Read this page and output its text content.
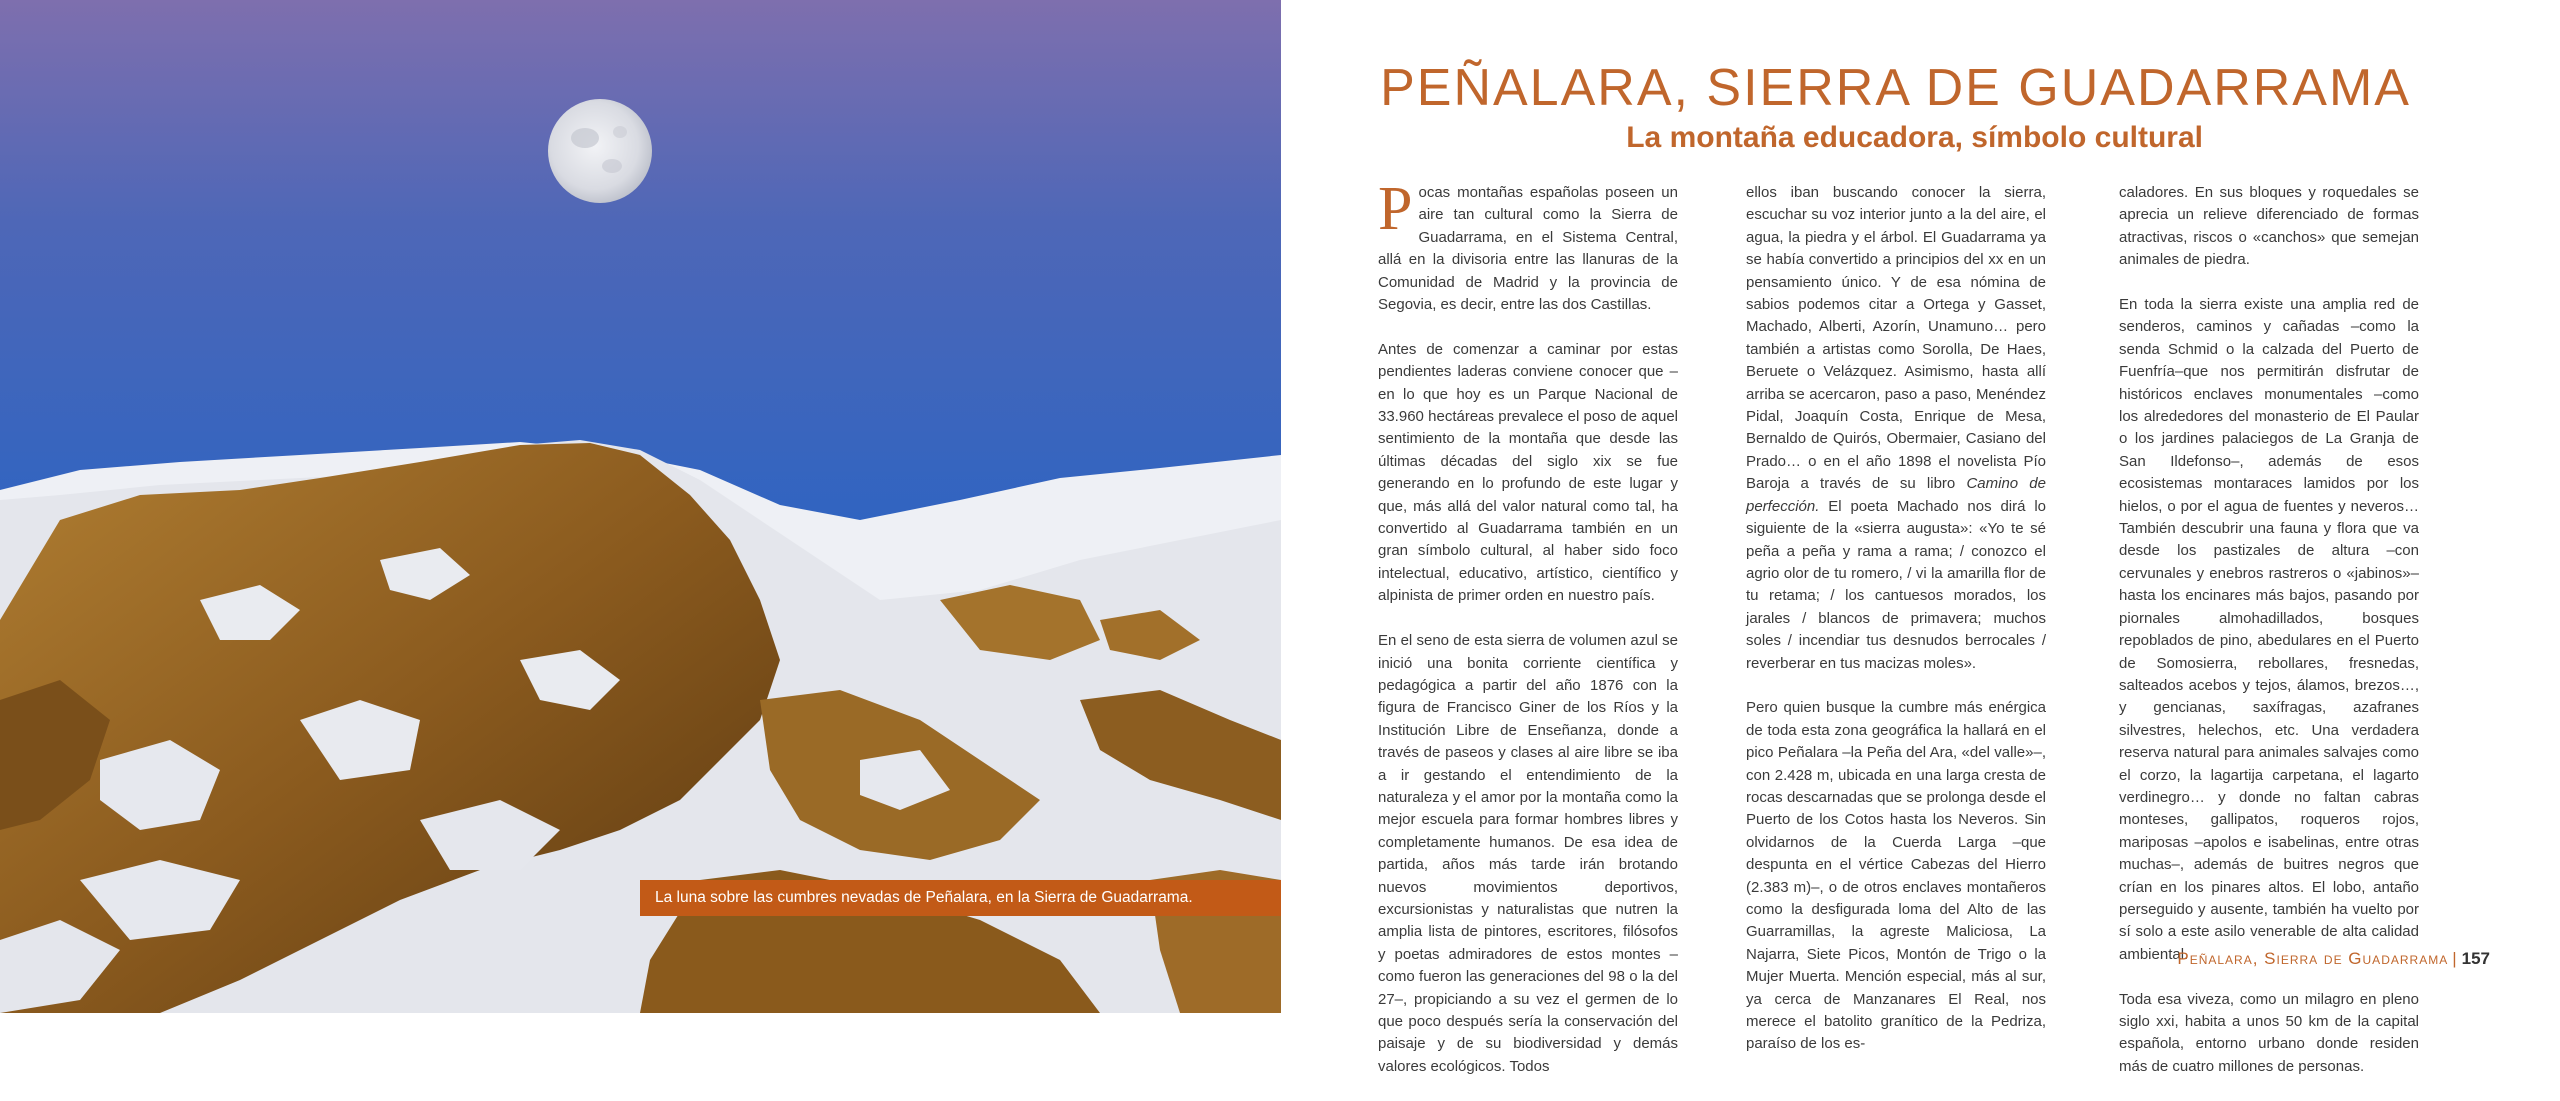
La luna sobre las cumbres nevadas de Peñalara, en la Sierra de Guadarrama.
PEÑALARA, SIERRA DE GUADARRAMA
La montaña educadora, símbolo cultural

Pocas montañas españolas poseen un aire tan cultural como la Sierra de Guadarrama, en el Sistema Central, allá en la divisoria entre las llanuras de la Comunidad de Madrid y la provincia de Segovia, es decir, entre las dos Castillas.

Antes de comenzar a caminar por estas pendientes laderas conviene conocer que –en lo que hoy es un Parque Nacional de 33.960 hectáreas prevalece el poso de aquel sentimiento de la montaña que desde las últimas décadas del siglo xix se fue generando en lo profundo de este lugar y que, más allá del valor natural como tal, ha convertido al Guadarrama también en un gran símbolo cultural, al haber sido foco intelectual, educativo, artístico, científico y alpinista de primer orden en nuestro país.

En el seno de esta sierra de volumen azul se inició una bonita corriente científica y pedagógica a partir del año 1876 con la figura de Francisco Giner de los Ríos y la Institución Libre de Enseñanza, donde a través de paseos y clases al aire libre se iba a ir gestando el entendimiento de la naturaleza y el amor por la montaña como la mejor escuela para formar hombres libres y completamente humanos. De esa idea de partida, años más tarde irán brotando nuevos movimientos deportivos, excursionistas y naturalistas que nutren la amplia lista de pintores, escritores, filósofos y poetas admiradores de estos montes –como fueron las generaciones del 98 o la del 27–, propiciando a su vez el germen de lo que poco después sería la conservación del paisaje y de su biodiversidad y demás valores ecológicos. Todos

ellos iban buscando conocer la sierra, escuchar su voz interior junto a la del aire, el agua, la piedra y el árbol. El Guadarrama ya se había convertido a principios del xx en un pensamiento único. Y de esa nómina de sabios podemos citar a Ortega y Gasset, Machado, Alberti, Azorín, Unamuno… pero también a artistas como Sorolla, De Haes, Beruete o Velázquez. Asimismo, hasta allí arriba se acercaron, paso a paso, Menéndez Pidal, Joaquín Costa, Enrique de Mesa, Bernaldo de Quirós, Obermaier, Casiano del Prado… o en el año 1898 el novelista Pío Baroja a través de su libro Camino de perfección. El poeta Machado nos dirá lo siguiente de la «sierra augusta»: «Yo te sé peña a peña y rama a rama; / conozco el agrio olor de tu romero, / vi la amarilla flor de tu retama; / los cantuesos morados, los jarales / blancos de primavera; muchos soles / incendiar tus desnudos berrocales / reverberar en tus macizas moles».

Pero quien busque la cumbre más enérgica de toda esta zona geográfica la hallará en el pico Peñalara –la Peña del Ara, «del valle»–, con 2.428 m, ubicada en una larga cresta de rocas descarnadas que se prolonga desde el Puerto de los Cotos hasta los Neveros. Sin olvidarnos de la Cuerda Larga –que despunta en el vértice Cabezas del Hierro (2.383 m)–, o de otros enclaves montañeros como la desfigurada loma del Alto de las Guarramillas, la agreste Maliciosa, La Najarra, Siete Picos, Montón de Trigo o la Mujer Muerta. Mención especial, más al sur, ya cerca de Manzanares El Real, nos merece el batolito granítico de la Pedriza, paraíso de los es-

caladores. En sus bloques y roquedales se aprecia un relieve diferenciado de formas atractivas, riscos o «canchos» que semejan animales de piedra.

En toda la sierra existe una amplia red de senderos, caminos y cañadas –como la senda Schmid o la calzada del Puerto de Fuenfría–que nos permitirán disfrutar de históricos enclaves monumentales –como los alrededores del monasterio de El Paular o los jardines palaciegos de La Granja de San Ildefonso–, además de esos ecosistemas montaraces lamidos por los hielos, o por el agua de fuentes y neveros… También descubrir una fauna y flora que va desde los pastizales de altura –con cervunales y enebros rastreros o «jabinos»– hasta los encinares más bajos, pasando por piornales almohadillados, bosques repoblados de pino, abedulares en el Puerto de Somosierra, rebollares, fresnedas, salteados acebos y tejos, álamos, brezos…, y gencianas, saxífragas, azafranes silvestres, helechos, etc. Una verdadera reserva natural para animales salvajes como el corzo, la lagartija carpetana, el lagarto verdinegro… y donde no faltan cabras monteses, gallipatos, roqueros rojos, mariposas –apolos e isabelinas, entre otras muchas–, además de buitres negros que crían en los pinares altos. El lobo, antaño perseguido y ausente, también ha vuelto por sí solo a este asilo venerable de alta calidad ambiental.

Toda esa viveza, como un milagro en pleno siglo xxi, habita a unos 50 km de la capital española, entorno urbano donde residen más de cuatro millones de personas.

Peñalara, Sierra de Guadarrama | 157
